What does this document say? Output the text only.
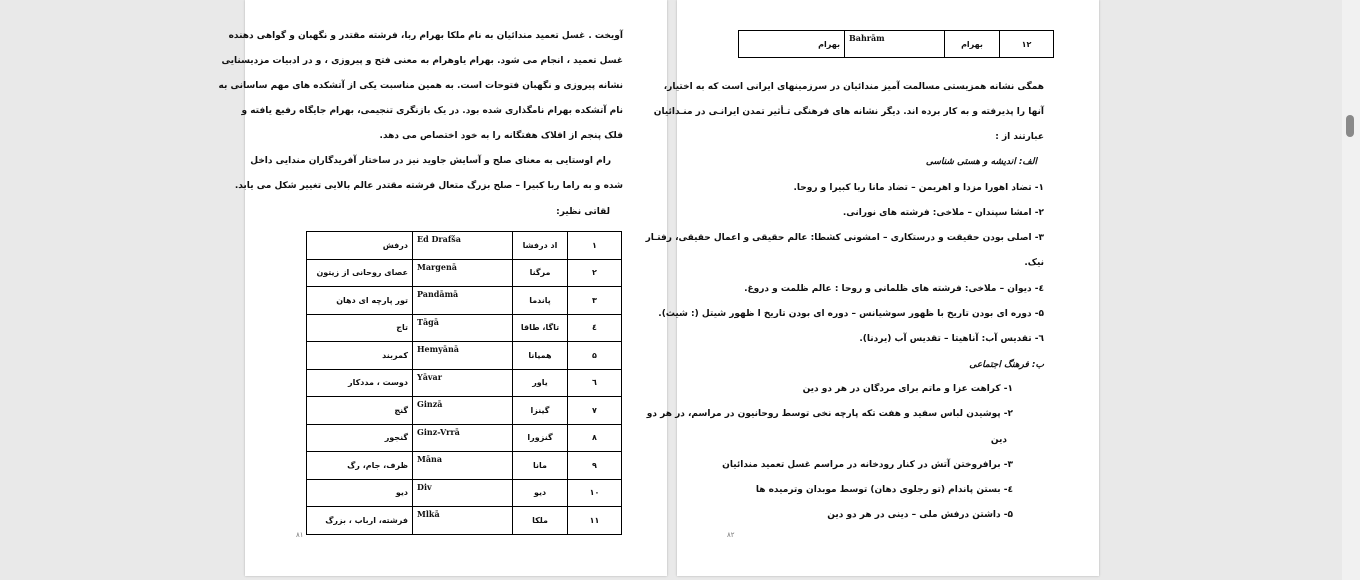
آویخت . غسل تعمید مندائیان به نام ملکا بهرام ربا، فرشته مقتدر و نگهبان و گواهی دهنده
غسل تعمید ، انجام می شود. بهرام یاوهرام به معنی فتح و پیروزی ، و در ادبیات مزدیسنایی
نشانه پیروزی و نگهبان فتوحات است. به همین مناسبت یکی از آتشکده های مهم ساسانی به
نام آتشکده بهرام نامگذاری شده بود. در یک بازنگری تنجیمی، بهرام جایگاه رفیع یافته و
فلک پنجم از افلاک هفتگانه را به خود اختصاص می دهد.
رام اوستایی به معنای صلح و آسایش جاوید نیز در ساختار آفریدگاران مندایی داخل
شده و به راما ربا کبیرا – صلح بزرگ متعال فرشته مقتدر عالم بالایی تغییر شکل می یابد.
لقاتی نظیر:
درفش	Ed Drafša	اد درفشا	۱
عصای روحانی از زیتون	Margenā	مرگنا	۲
تور پارچه ای دهان	Pandāmā	پاندما	۳
تاج	Tāgā	تاگا، طاقا	٤
کمربند	Hemyānā	همیانا	۵
دوست ، مددکار	Yāvar	یاور	٦
گنج	Ginzā	گینزا	۷
گنجور	Ginz-Vrrā	گنزورا	۸
ظرف، جام، رگ	Māna	مانا	۹
دیو	Div	دیو	۱۰
فرشته، ارباب ، بزرگ	Mlkā	ملکا	۱۱
۸۱
بهرام	Bahrām	بهرام	۱۲
همگی نشانه همزیستی مسالمت آمیز مندائیان در سرزمینهای ایرانی است که به اختیار،
آنها را پذیرفته و به کار برده اند. دیگر نشانه های فرهنگی تـأثیر تمدن ایرانـی در منـدائیان
عبارتند از :
الف: اندیشه و هستی شناسی
۱- تضاد اهورا مزدا و اهریمن – تضاد مانا ربا کبیرا و روحا.
۲- امشا سپندان – ملاخی: فرشته های نورانی.
۳- اصلی بودن حقیقت و درستکاری – امشونی کشطا: عالم حقیقی و اعمال حقیقی، رفتـار
نیک.
٤- دیوان – ملاخی: فرشته های ظلمانی و روحا : عالم ظلمت و دروغ.
۵- دوره ای بودن تاریخ با ظهور سوشیانس – دوره ای بودن تاریخ ا ظهور شیتل (: شیث).
٦- تقدیس آب: آناهیتا – تقدیس آب (یردنا).
ب: فرهنگ اجتماعی
۱- کراهت عزا و ماتم برای مردگان در هر دو دین
۲- پوشیدن لباس سفید و هفت تکه پارچه نخی توسط روحانیون در مراسم، در هر دو
دین
۳- برافروختن آتش در کنار رودخانه در مراسم غسل تعمید مندائیان
٤- بستن پاندام (تو رجلوی دهان) توسط موبدان وترمیده ها
۵- داشتن درفش ملی – دینی در هر دو دین
۸۲
